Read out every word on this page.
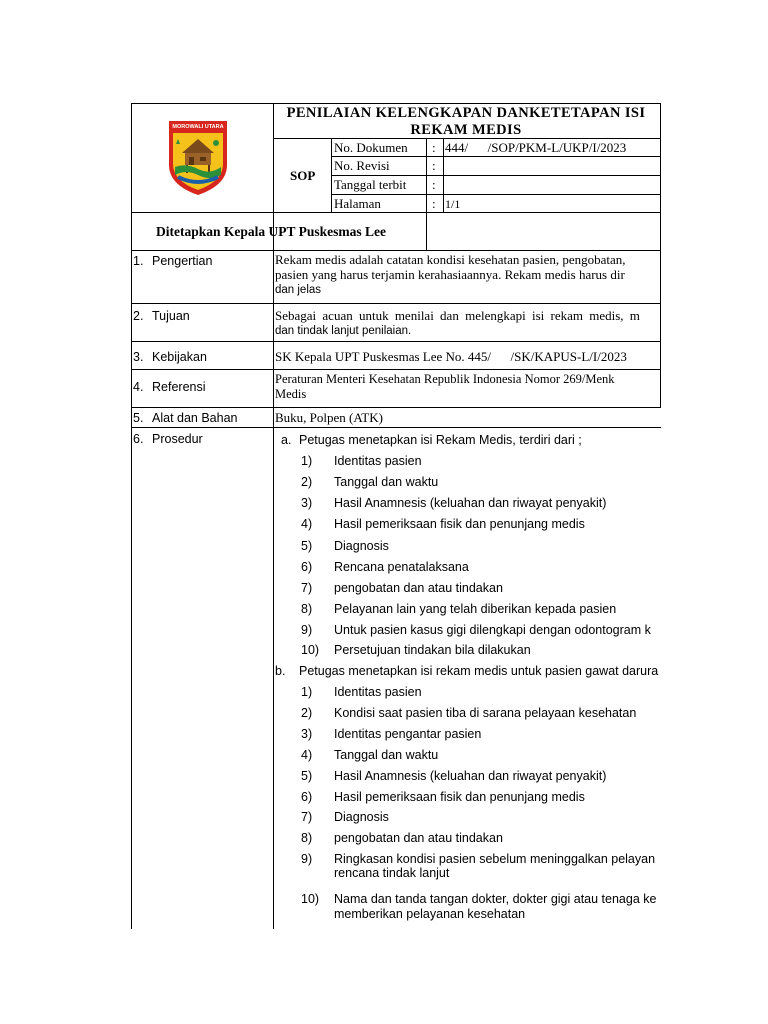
MOROWALI UTARA
PENILAIAN KELENGKAPAN DANKETETAPAN ISI
REKAM MEDIS
SOP
No. Dokumen : 444/      /SOP/PKM-L/UKP/I/2023
No. Revisi	:
Tanggal terbit :
Halaman	: 1/1
Ditetapkan Kepala UPT Puskesmas Lee
1. Pengertian
2. Tujuan
3. Kebijakan
4. Referensi
5. Alat dan Bahan
6. Prosedur
Rekam medis adalah catatan kondisi kesehatan pasien, pengobatan,
pasien yang harus terjamin kerahasiaannya. Rekam medis harus dir
dan jelas
Sebagai acuan untuk menilai dan melengkapi isi rekam medis, m
dan tindak lanjut penilaian.
SK Kepala UPT Puskesmas Lee No. 445/      /SK/KAPUS-L/I/2023
Peraturan Menteri Kesehatan Republik Indonesia Nomor 269/Menk
Medis
Buku, Polpen (ATK)
a. Petugas menetapkan isi Rekam Medis, terdiri dari ;
1) Identitas pasien
2) Tanggal dan waktu
3) Hasil Anamnesis (keluahan dan riwayat penyakit)
4) Hasil pemeriksaan fisik dan penunjang medis
5) Diagnosis
6) Rencana penatalaksana
7) pengobatan dan atau tindakan
8) Pelayanan lain yang telah diberikan kepada pasien
9) Untuk pasien kasus gigi dilengkapi dengan odontogram k
10) Persetujuan tindakan bila dilakukan
b. Petugas menetapkan isi rekam medis untuk pasien gawat darura
1) Identitas pasien
2) Kondisi saat pasien tiba di sarana pelayaan kesehatan
3) Identitas pengantar pasien
4) Tanggal dan waktu
5) Hasil Anamnesis (keluahan dan riwayat penyakit)
6) Hasil pemeriksaan fisik dan penunjang medis
7) Diagnosis
8) pengobatan dan atau tindakan
9) Ringkasan kondisi pasien sebelum meninggalkan pelayan
rencana tindak lanjut
10) Nama dan tanda tangan dokter, dokter gigi atau tenaga ke
memberikan pelayanan kesehatan
